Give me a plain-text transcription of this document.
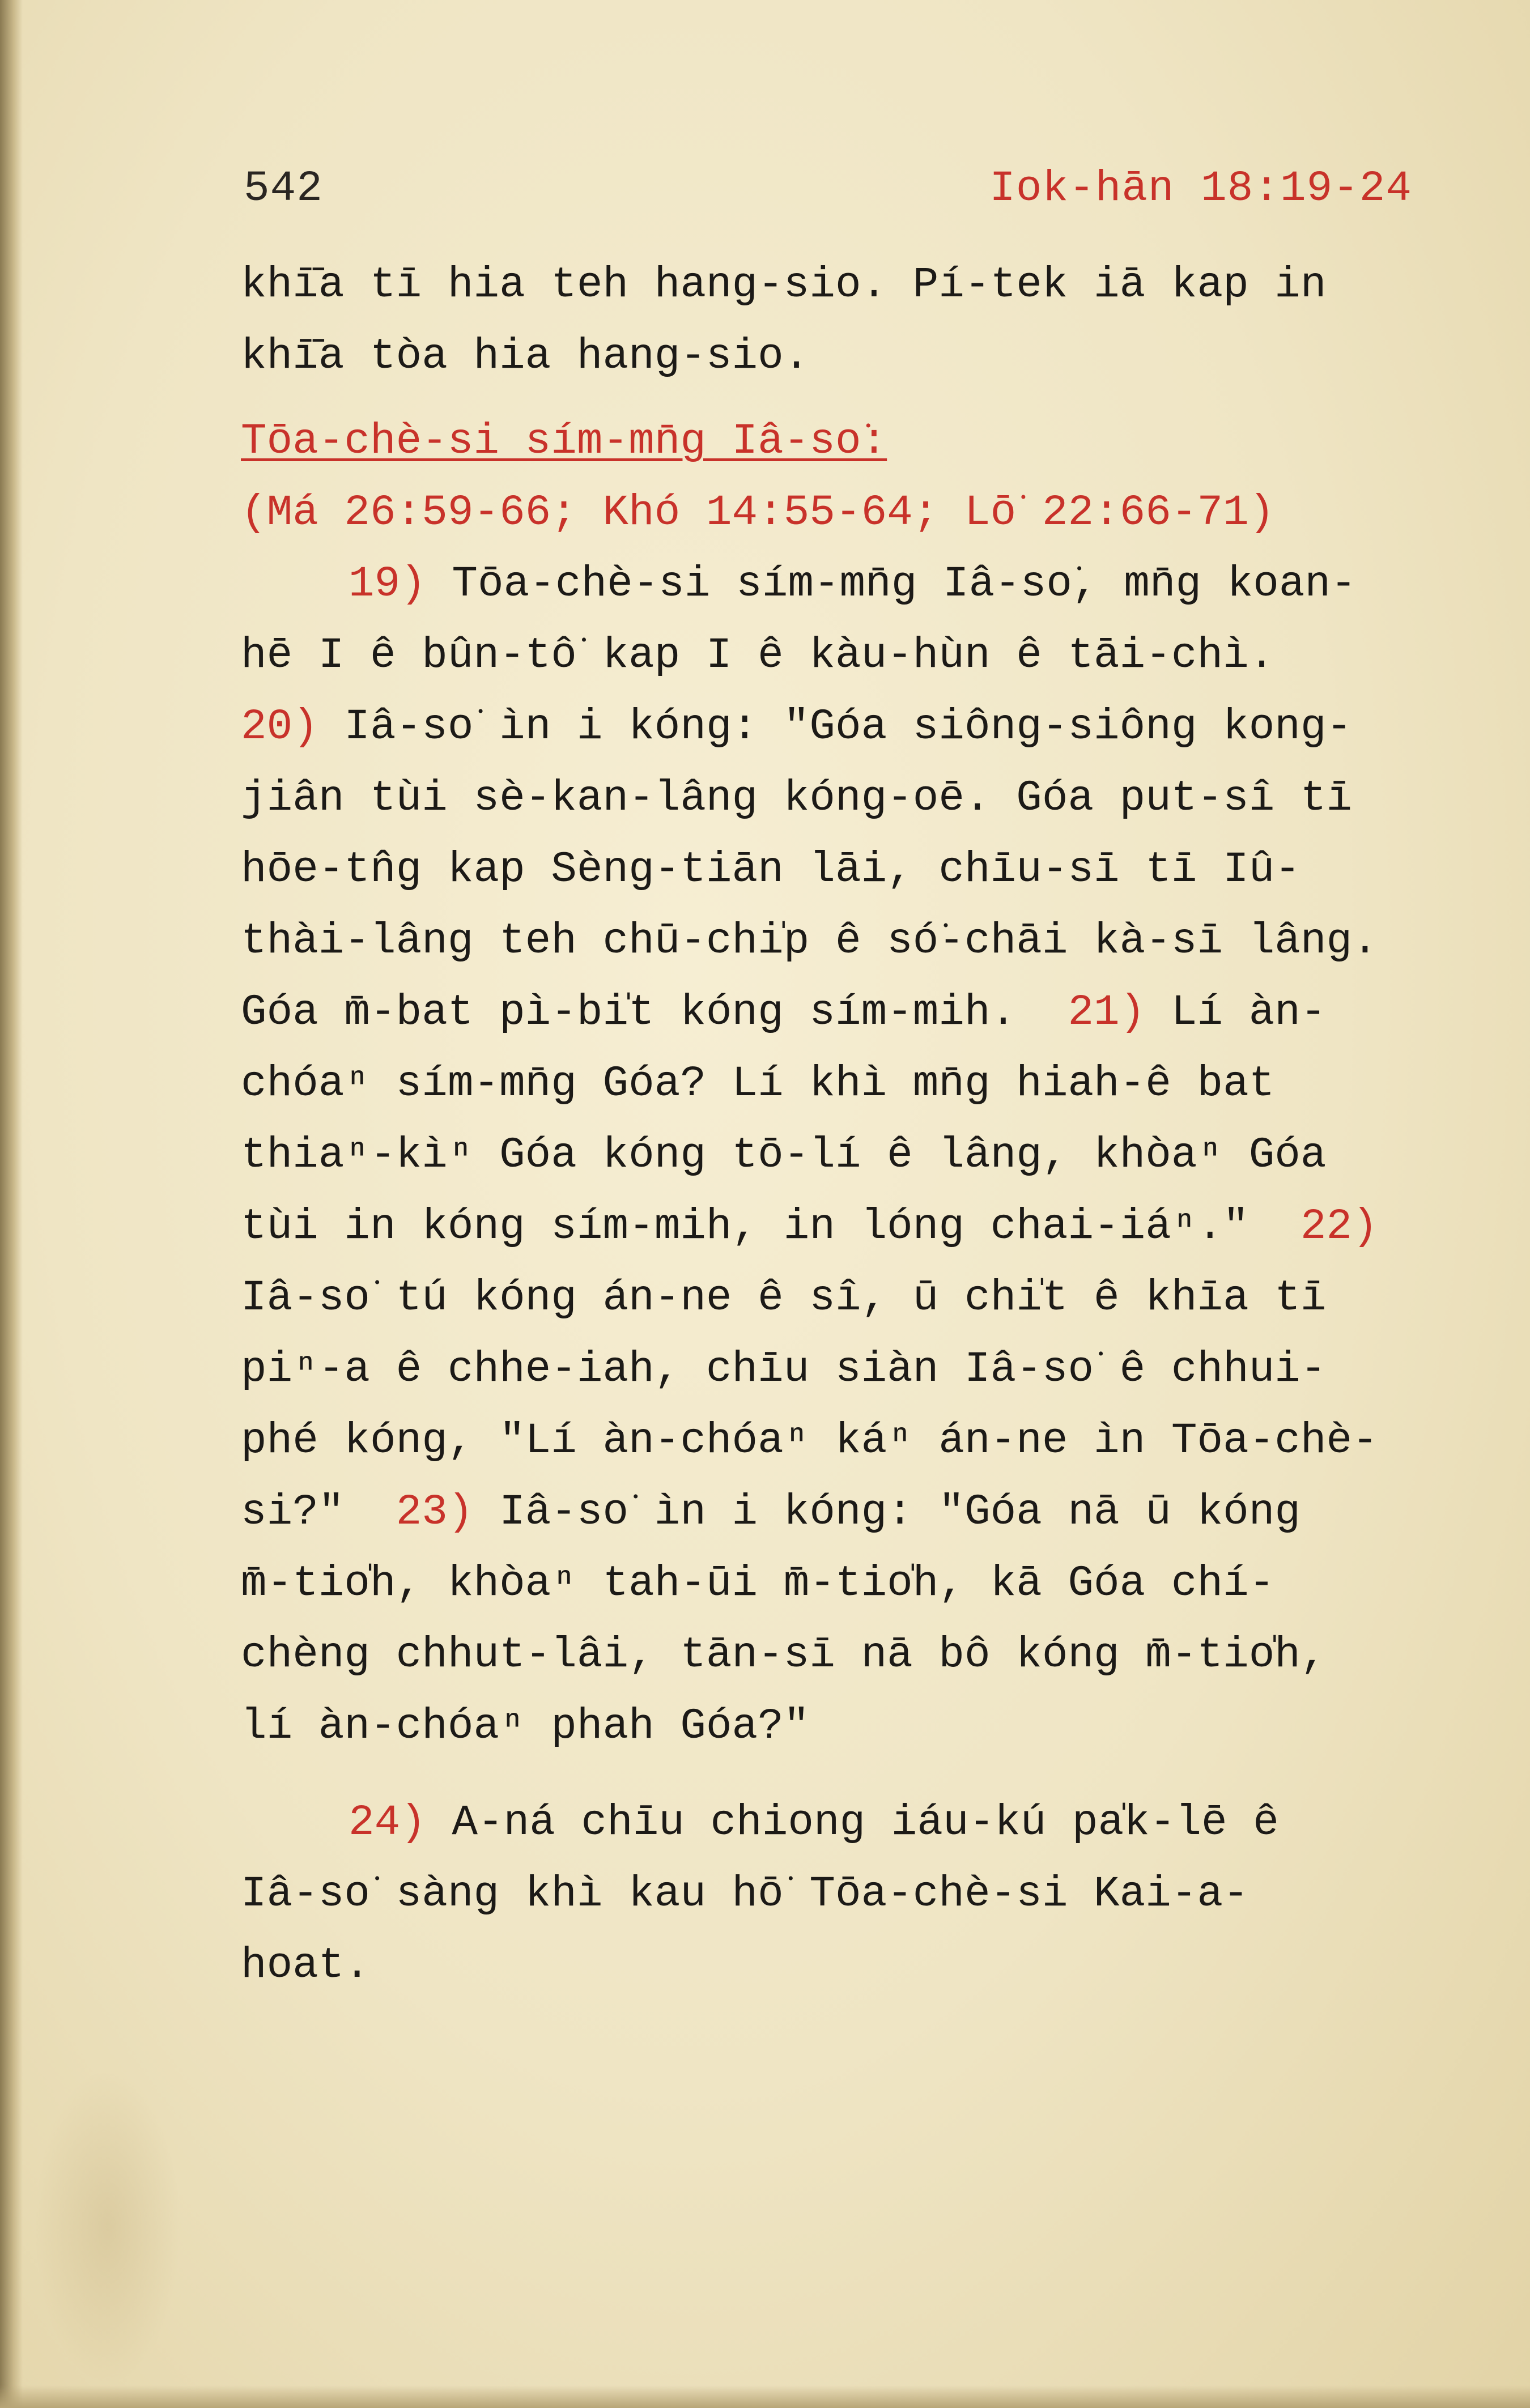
542	Iok-hān 18:19-24
khī̄a tī hia teh hang-sio. Pí-tek iā kap in
khī̄a tòa hia hang-sio.
Tōa-chè-si sím-mn̄g Iâ-so͘:
(Má 26:59-66; Khó 14:55-64; Lō͘ 22:66-71)
19) Tōa-chè-si sím-mn̄g Iâ-so͘, mn̄g koan-
hē I ê bûn-tô͘ kap I ê kàu-hùn ê tāi-chì.
20) Iâ-so͘ ìn i kóng: "Góa siông-siông kong-
jiân tùi sè-kan-lâng kóng-oē. Góa put-sî tī
hōe-tn̂g kap Sèng-tiān lāi, chīu-sī tī Iû-
thài-lâng teh chū-chi̍p ê só͘-chāi kà-sī lâng.
Góa m̄-bat pì-bi̍t kóng sím-mih.  21) Lí àn-
chóaⁿ sím-mn̄g Góa? Lí khì mn̄g hiah-ê bat
thiaⁿ-kìⁿ Góa kóng tō-lí ê lâng, khòaⁿ Góa
tùi in kóng sím-mih, in lóng chai-iáⁿ."  22)
Iâ-so͘ tú kóng án-ne ê sî, ū chi̍t ê khīa tī
piⁿ-a ê chhe-iah, chīu siàn Iâ-so͘ ê chhui-
phé kóng, "Lí àn-chóaⁿ káⁿ án-ne ìn Tōa-chè-
si?"  23) Iâ-so͘ ìn i kóng: "Góa nā ū kóng
m̄-tio̍h, khòaⁿ tah-ūi m̄-tio̍h, kā Góa chí-
chèng chhut-lâi, tān-sī nā bô kóng m̄-tio̍h,
lí àn-chóaⁿ phah Góa?"
24) A-ná chīu chiong iáu-kú pa̍k-lē ê
Iâ-so͘ sàng khì kau hō͘ Tōa-chè-si Kai-a-
hoat.
